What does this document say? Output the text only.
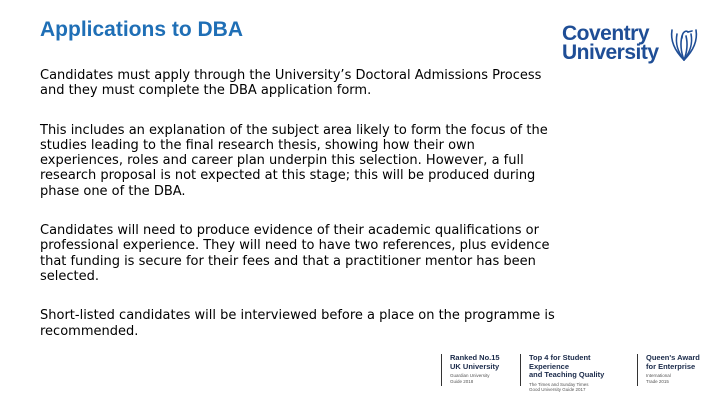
Applications to DBA	Coventry
University

Candidates must apply through the University’s Doctoral Admissions Process and they must complete the DBA application form.

This includes an explanation of the subject area likely to form the focus of the studies leading to the final research thesis, showing how their own experiences, roles and career plan underpin this selection. However, a full research proposal is not expected at this stage; this will be produced during phase one of the DBA.

Candidates will need to produce evidence of their academic qualifications or professional experience. They will need to have two references, plus evidence that funding is secure for their fees and that a practitioner mentor has been selected.

Short-listed candidates will be interviewed before a place on the programme is recommended.

Ranked No.15
UK University
Guardian University
Guide 2018
Top 4 for Student Experience
and Teaching Quality
The Times and Sunday Times
Good University Guide 2017
Queen's Award
for Enterprise
International
Trade 2015
